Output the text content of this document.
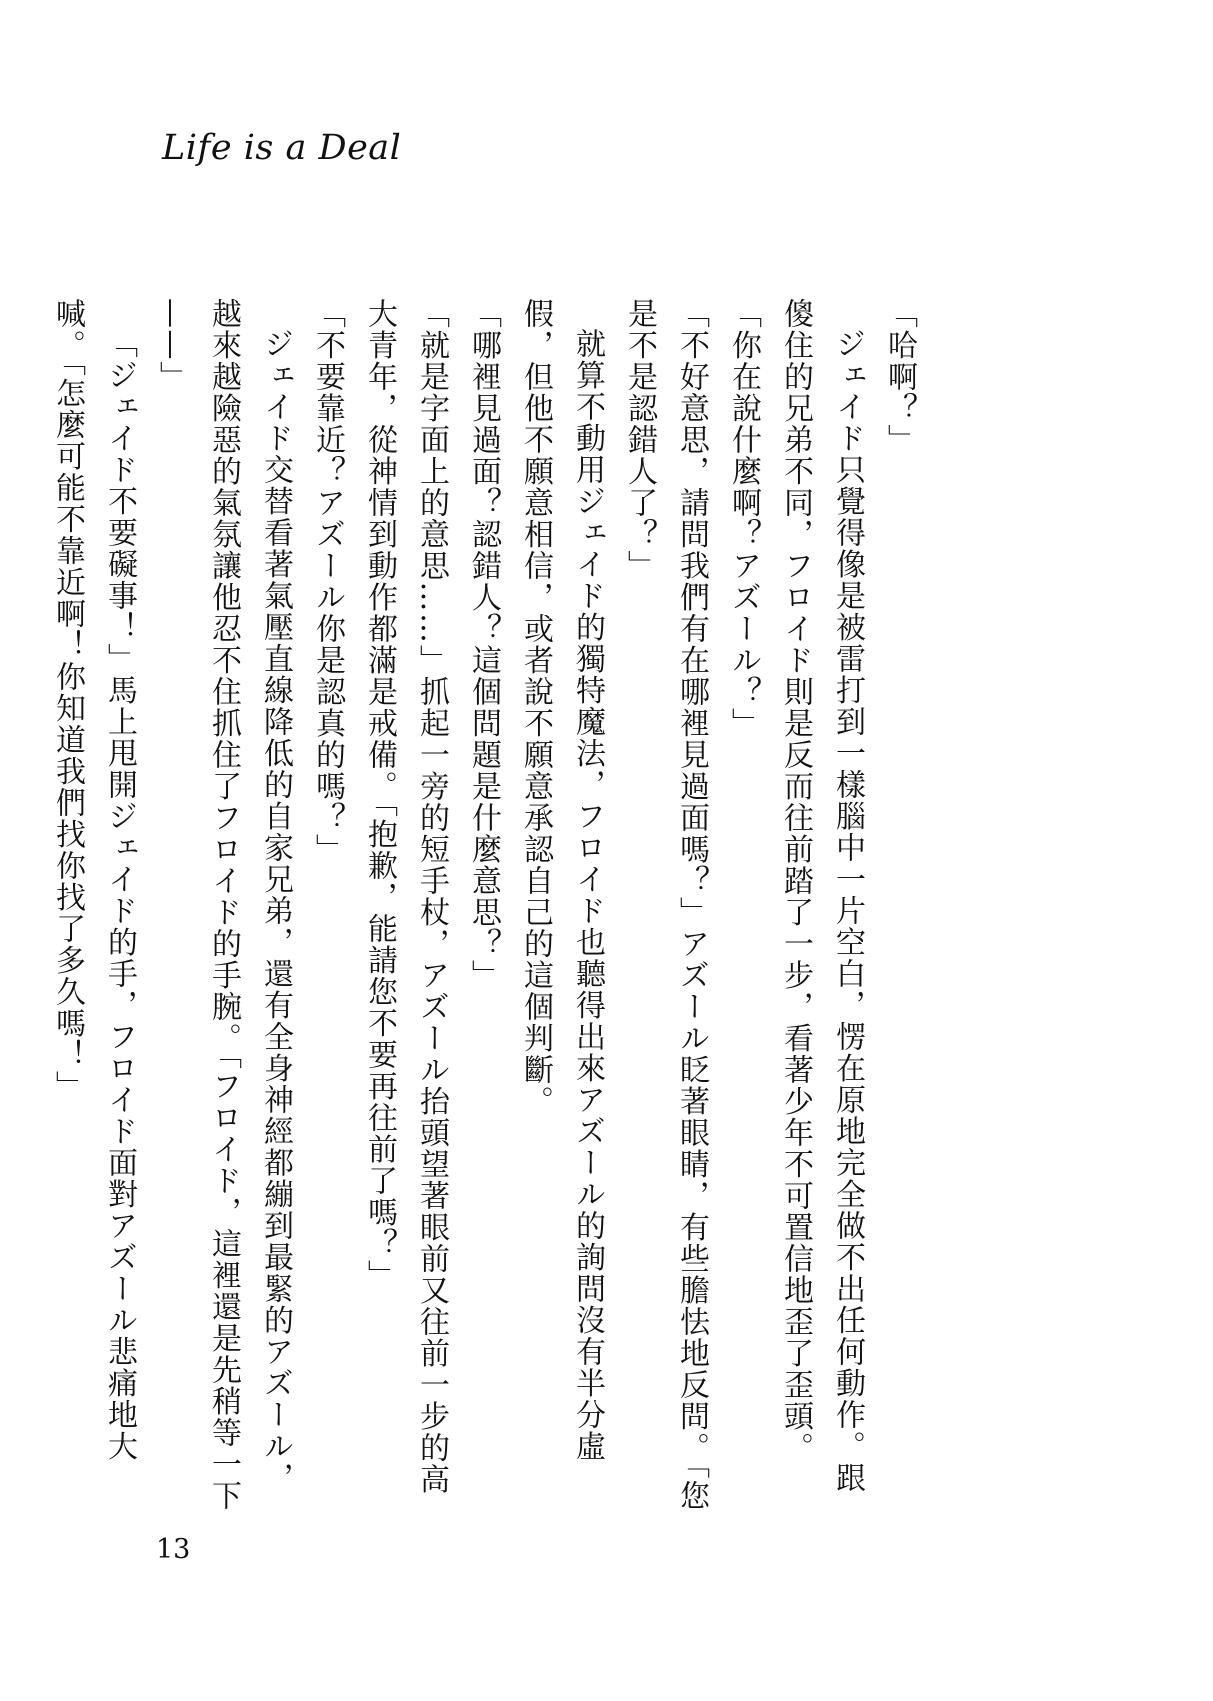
Life is a Deal

「哈啊？」

ジェイド只覺得像是被雷打到一樣腦中一片空白，愣在原地完全做不出任何動作。跟傻住的兄弟不同，フロイド則是反而往前踏了一步，看著少年不可置信地歪了歪頭。

「你在說什麼啊？アズール？」

「不好意思，請問我們有在哪裡見過面嗎？」アズール眨著眼睛，有些膽怯地反問。「您是不是認錯人了？」

就算不動用ジェイド的獨特魔法，フロイド也聽得出來アズール的詢問沒有半分虛假，但他不願意相信，或者說不願意承認自己的這個判斷。

「哪裡見過面？認錯人？這個問題是什麼意思？」

「就是字面上的意思……」抓起一旁的短手杖，アズール抬頭望著眼前又往前一步的高大青年，從神情到動作都滿是戒備。「抱歉，能請您不要再往前了嗎？」

「不要靠近？アズール你是認真的嗎？」

ジェイド交替看著氣壓直線降低的自家兄弟，還有全身神經都繃到最緊的アズール，越來越險惡的氣氛讓他忍不住抓住了フロイド的手腕。「フロイド，這裡還是先稍等一下——」

「ジェイド不要礙事！」馬上甩開ジェイド的手，フロイド面對アズール悲痛地大喊。「怎麼可能不靠近啊！你知道我們找你找了多久嗎！」

13
